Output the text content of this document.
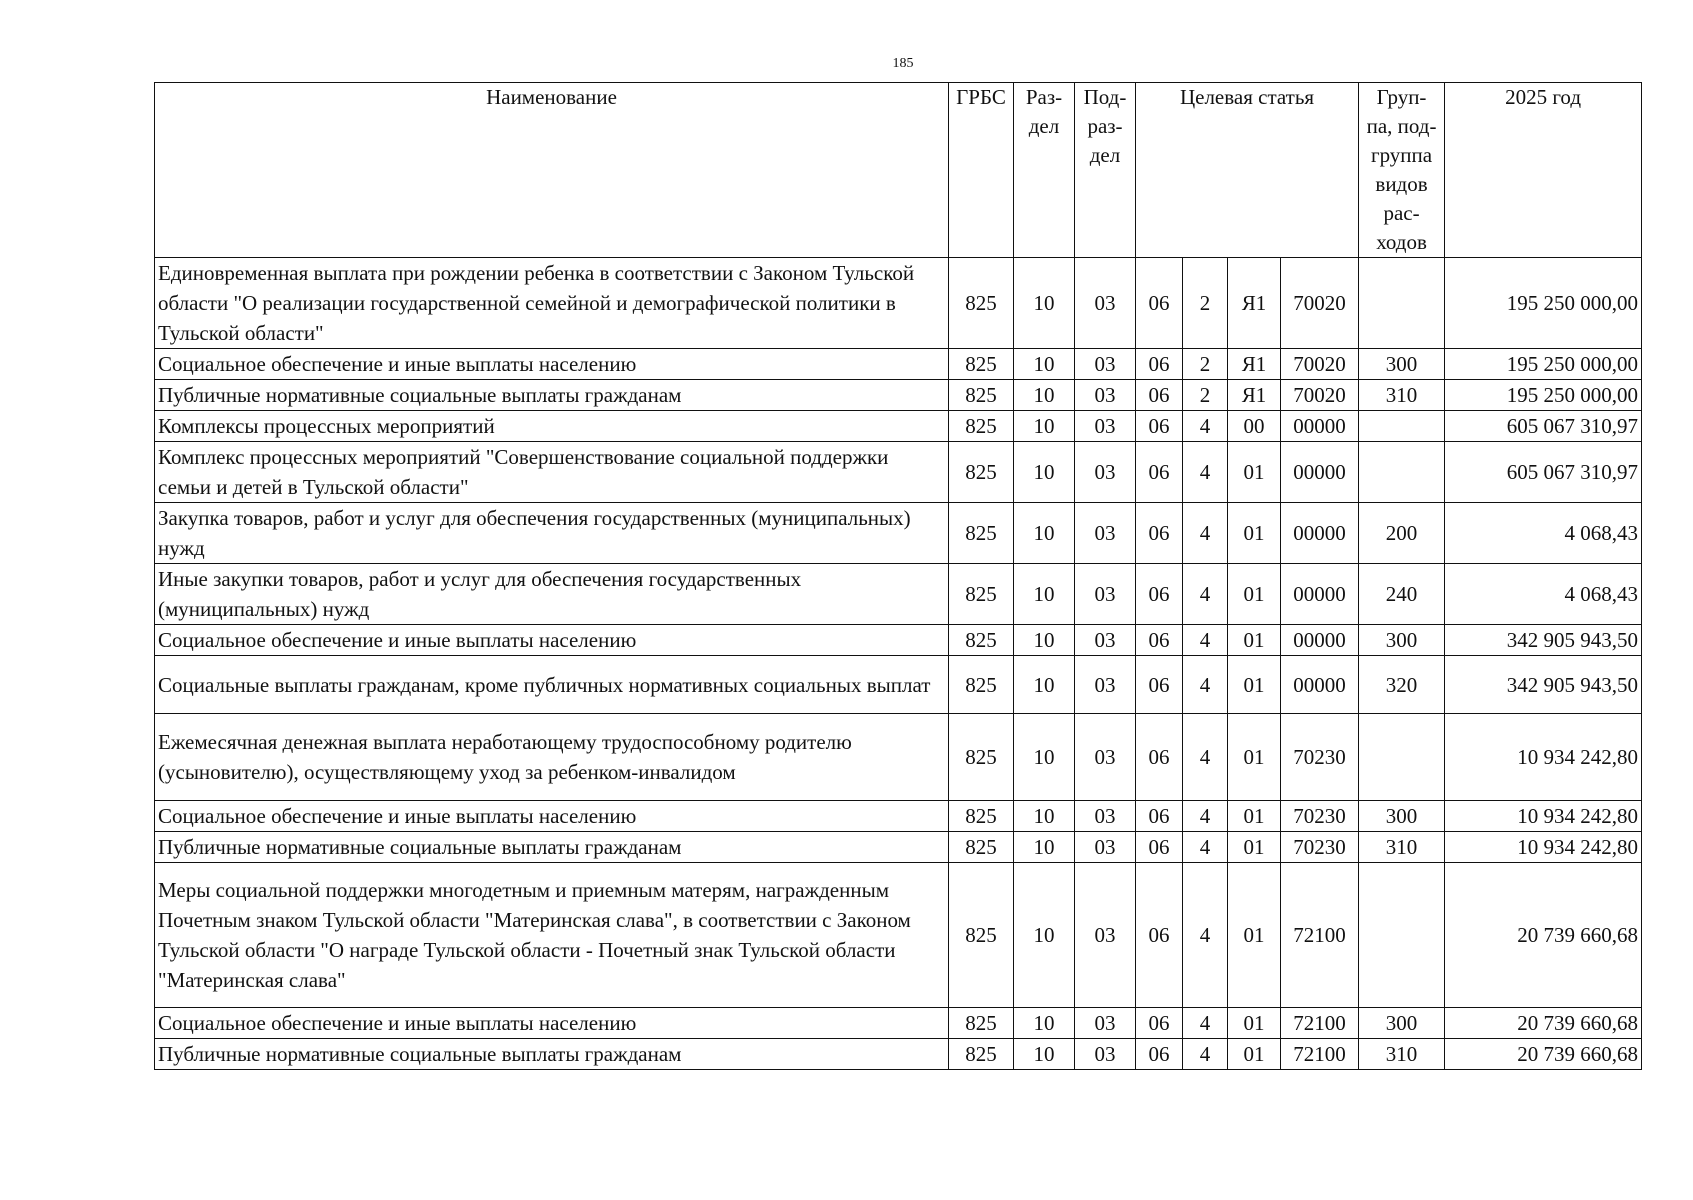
185
Наименование	ГРБС	Раз- дел	Под- раз- дел	Целевая статья				Груп- па, под- группа видов рас- ходов	2025 год
Единовременная выплата при рождении ребенка в соответствии с Законом Тульской области "О реализации государственной семейной и демографической политики в Тульской области"	825	10	03	06	2	Я1	70020		195 250 000,00
Социальное обеспечение и иные выплаты населению	825	10	03	06	2	Я1	70020	300	195 250 000,00
Публичные нормативные социальные выплаты гражданам	825	10	03	06	2	Я1	70020	310	195 250 000,00
Комплексы процессных мероприятий	825	10	03	06	4	00	00000		605 067 310,97
Комплекс процессных мероприятий "Совершенствование социальной поддержки семьи и детей в Тульской области"	825	10	03	06	4	01	00000		605 067 310,97
Закупка товаров, работ и услуг для обеспечения государственных (муниципальных) нужд	825	10	03	06	4	01	00000	200	4 068,43
Иные закупки товаров, работ и услуг для обеспечения государственных (муниципальных) нужд	825	10	03	06	4	01	00000	240	4 068,43
Социальное обеспечение и иные выплаты населению	825	10	03	06	4	01	00000	300	342 905 943,50
Социальные выплаты гражданам, кроме публичных нормативных социальных выплат	825	10	03	06	4	01	00000	320	342 905 943,50
Ежемесячная денежная выплата неработающему трудоспособному родителю (усыновителю), осуществляющему уход за ребенком-инвалидом	825	10	03	06	4	01	70230		10 934 242,80
Социальное обеспечение и иные выплаты населению	825	10	03	06	4	01	70230	300	10 934 242,80
Публичные нормативные социальные выплаты гражданам	825	10	03	06	4	01	70230	310	10 934 242,80
Меры социальной поддержки многодетным и приемным матерям, награжденным Почетным знаком Тульской области "Материнская слава", в соответствии с Законом Тульской области "О награде Тульской области - Почетный знак Тульской области "Материнская слава"	825	10	03	06	4	01	72100		20 739 660,68
Социальное обеспечение и иные выплаты населению	825	10	03	06	4	01	72100	300	20 739 660,68
Публичные нормативные социальные выплаты гражданам	825	10	03	06	4	01	72100	310	20 739 660,68
